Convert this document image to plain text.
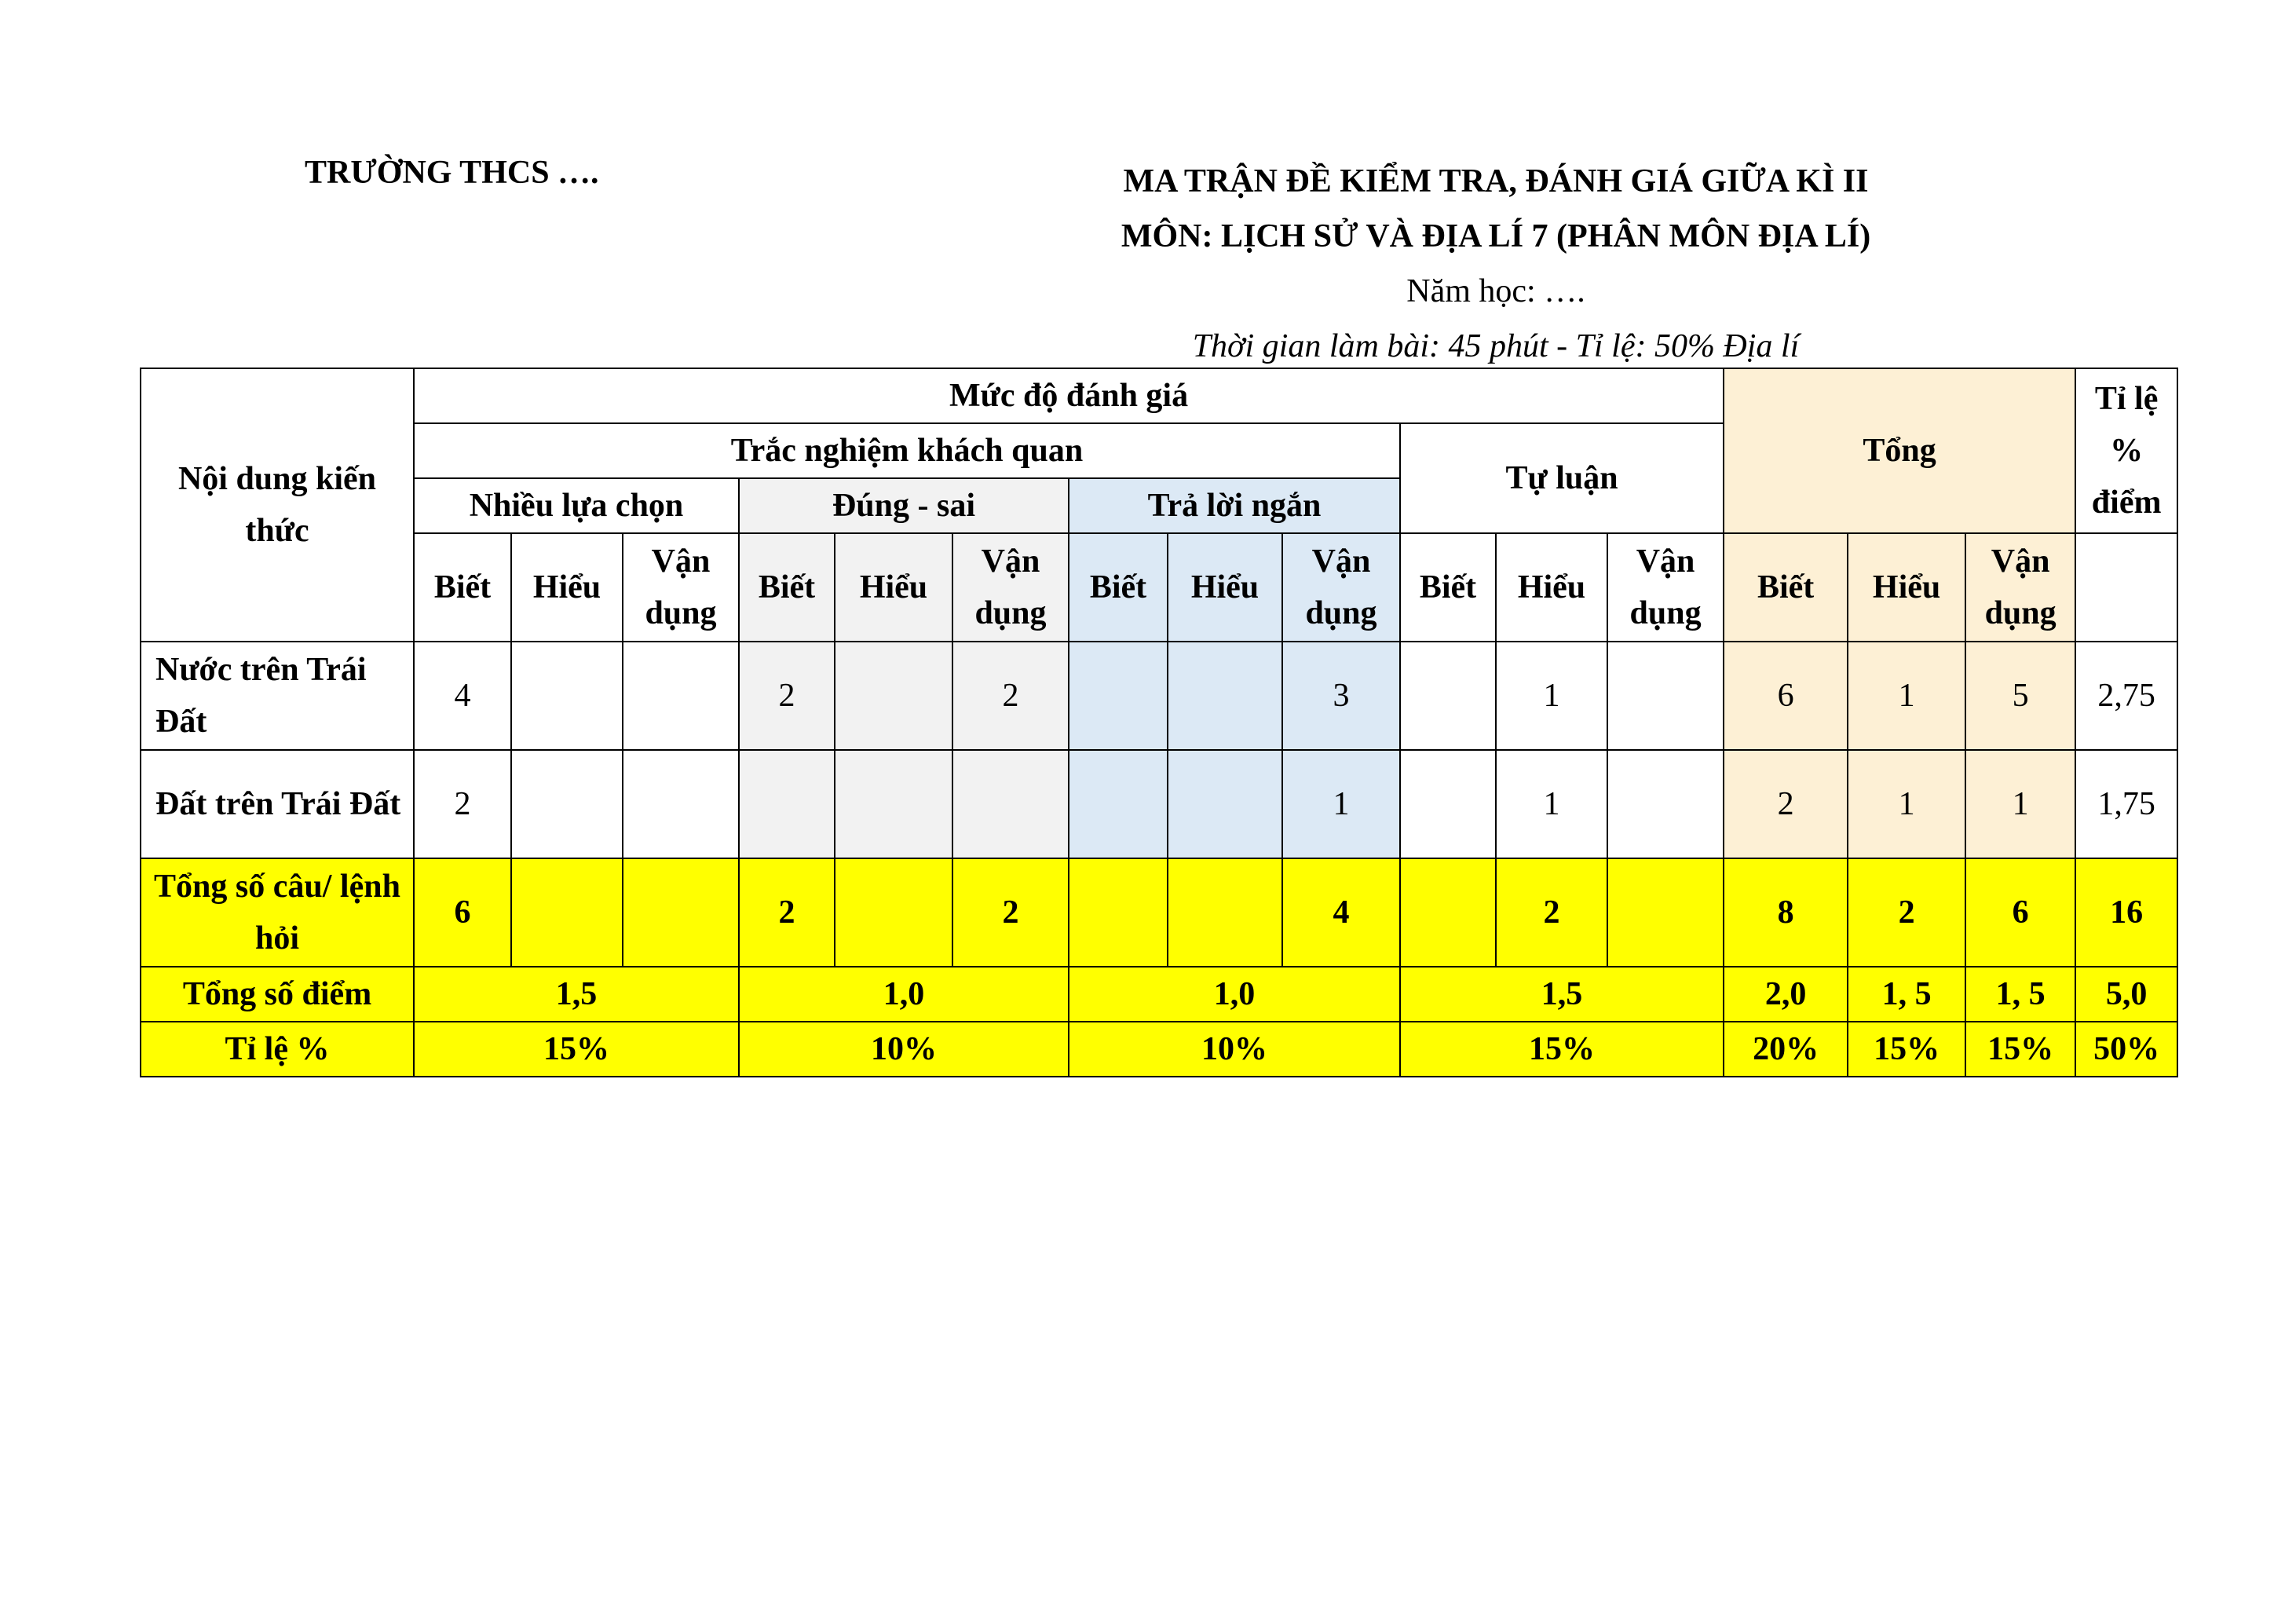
TRƯỜNG THCS ….	MA TRẬN ĐỀ KIỂM TRA, ĐÁNH GIÁ GIỮA KÌ II
MÔN: LỊCH SỬ VÀ ĐỊA LÍ 7 (PHÂN MÔN ĐỊA LÍ)
Năm học: ….
Thời gian làm bài: 45 phút - Tỉ lệ: 50% Địa lí
Nội dung kiến thức	Mức độ đánh giá												Tổng			Tỉ lệ % điểm
	Trắc nghiệm khách quan									Tự luận						
	Nhiều lựa chọn			Đúng - sai			Trả lời ngắn									
	Biết	Hiểu	Vận dụng	Biết	Hiểu	Vận dụng	Biết	Hiểu	Vận dụng	Biết	Hiểu	Vận dụng	Biết	Hiểu	Vận dụng	
Nước trên Trái Đất	4			2		2			3		1		6	1	5	2,75
Đất trên Trái Đất	2								1		1		2	1	1	1,75
Tổng số câu/ lệnh hỏi	6			2		2			4		2		8	2	6	16
Tổng số điểm	1,5			1,0			1,0			1,5			2,0	1, 5	1, 5	5,0
Tỉ lệ %	15%			10%			10%			15%			20%	15%	15%	50%
